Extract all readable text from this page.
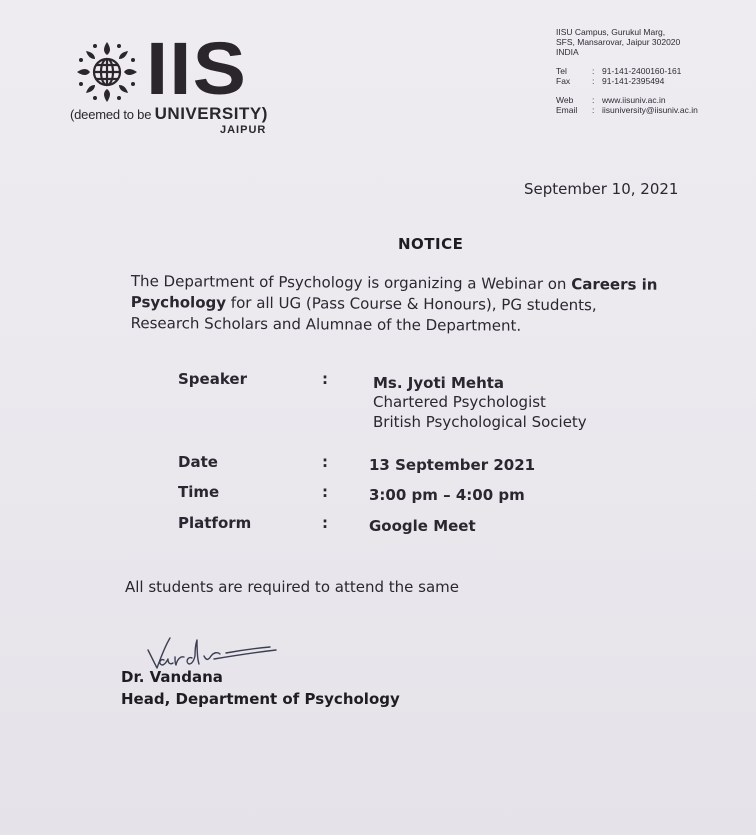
IIS
(deemed to be UNIVERSITY)
JAIPUR
IISU Campus, Gurukul Marg,
SFS, Mansarovar, Jaipur 302020
INDIA
Tel	: 91-141-2400160-161
Fax	: 91-141-2395494
Web : www.iisuniv.ac.in
Email : iisuniversity@iisuniv.ac.in
September 10, 2021
NOTICE
The Department of Psychology is organizing a Webinar on Careers in
Psychology for all UG (Pass Course & Honours), PG students,
Research Scholars and Alumnae of the Department.
Speaker	:	Ms. Jyoti Mehta
Chartered Psychologist
British Psychological Society
Date	:	13 September 2021
Time	:	3:00 pm – 4:00 pm
Platform	:	Google Meet
All students are required to attend the same
Dr. Vandana
Head, Department of Psychology
